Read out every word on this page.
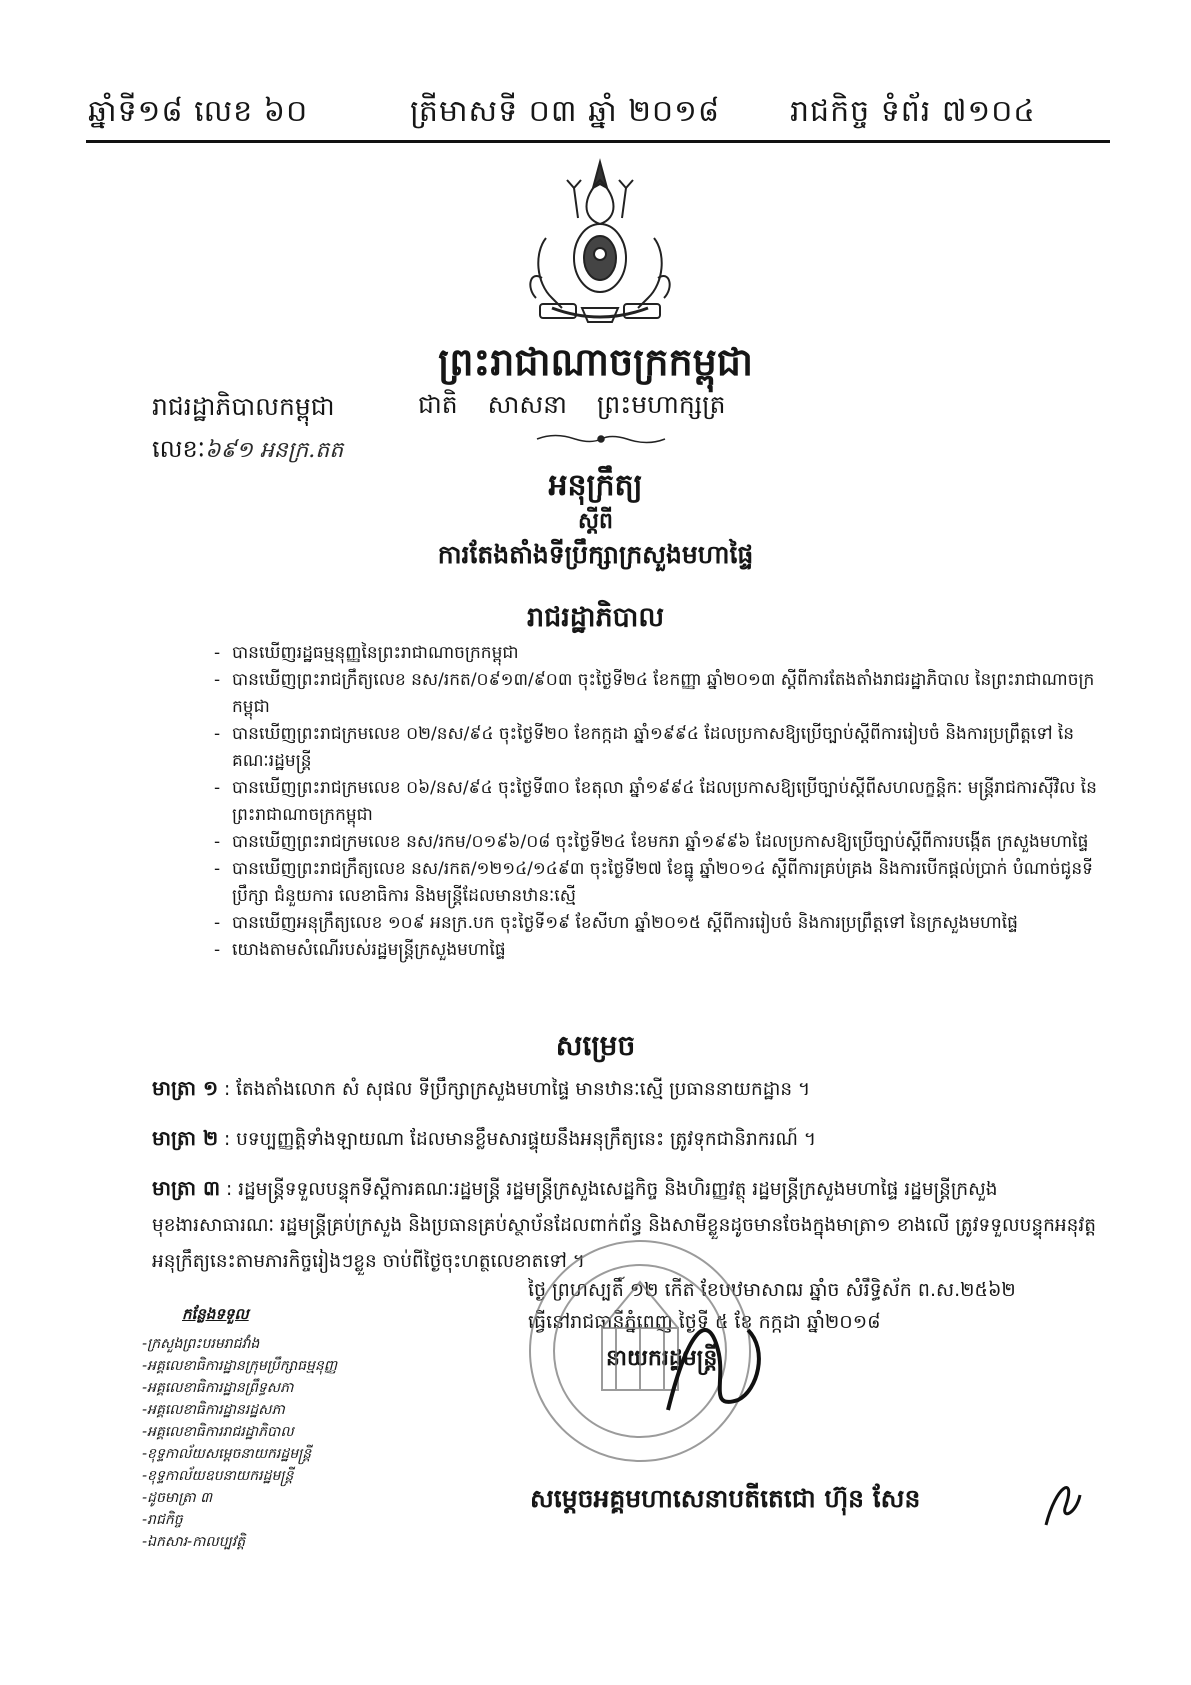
ឆ្នាំទី១៨ លេខ ៦០	ត្រីមាសទី ០៣ ឆ្នាំ ២០១៨ រាជកិច្ច ទំព័រ ៧១០៤
ព្រះរាជាណាចក្រកម្ពុជា
រាជរដ្ឋាភិបាលកម្ពុជា	ជាតិ សាសនា ព្រះមហាក្សត្រ
លេខៈ៦៩១ អនក្រ.តត
អនុក្រឹត្យ
ស្តីពី
ការតែងតាំងទីប្រឹក្សាក្រសួងមហាផ្ទៃ
រាជរដ្ឋាភិបាល
- បានឃើញរដ្ឋធម្មនុញ្ញនៃព្រះរាជាណាចក្រកម្ពុជា
- បានឃើញព្រះរាជក្រឹត្យលេខ នស/រកត/០៩១៣/៩០៣ ចុះថ្ងៃទី២៤ ខែកញ្ញា ឆ្នាំ២០១៣ ស្តីពីការតែងតាំងរាជរដ្ឋាភិបាល នៃព្រះរាជាណាចក្រកម្ពុជា
- បានឃើញព្រះរាជក្រមលេខ ០២/នស/៩៤ ចុះថ្ងៃទី២០ ខែកក្កដា ឆ្នាំ១៩៩៤ ដែលប្រកាសឱ្យប្រើច្បាប់ស្តីពីការរៀបចំ និងការប្រព្រឹត្តទៅ នៃគណៈរដ្ឋមន្ត្រី
- បានឃើញព្រះរាជក្រមលេខ ០៦/នស/៩៤ ចុះថ្ងៃទី៣០ ខែតុលា ឆ្នាំ១៩៩៤ ដែលប្រកាសឱ្យប្រើច្បាប់ស្តីពីសហលក្ខន្តិកៈ មន្ត្រីរាជការស៊ីវិល នៃព្រះរាជាណាចក្រកម្ពុជា
- បានឃើញព្រះរាជក្រមលេខ នស/រកម/០១៩៦/០៨ ចុះថ្ងៃទី២៤ ខែមករា ឆ្នាំ១៩៩៦ ដែលប្រកាសឱ្យប្រើច្បាប់ស្តីពីការបង្កើត ក្រសួងមហាផ្ទៃ
- បានឃើញព្រះរាជក្រឹត្យលេខ នស/រកត/១២១៤/១៤៩៣ ចុះថ្ងៃទី២៧ ខែធ្នូ ឆ្នាំ២០១៤ ស្តីពីការគ្រប់គ្រង និងការបើកផ្តល់ប្រាក់ បំណាច់ជូនទីប្រឹក្សា ជំនួយការ លេខាធិការ និងមន្ត្រីដែលមានឋានៈស្មើ
- បានឃើញអនុក្រឹត្យលេខ ១០៩ អនក្រ.បក ចុះថ្ងៃទី១៩ ខែសីហា ឆ្នាំ២០១៥ ស្តីពីការរៀបចំ និងការប្រព្រឹត្តទៅ នៃក្រសួងមហាផ្ទៃ
- យោងតាមសំណើរបស់រដ្ឋមន្ត្រីក្រសួងមហាផ្ទៃ
សម្រេច
មាត្រា ១ : តែងតាំងលោក សំ សុផល ទីប្រឹក្សាក្រសួងមហាផ្ទៃ មានឋានៈស្មើ ប្រធាននាយកដ្ឋាន ។
មាត្រា ២ : បទប្បញ្ញត្តិទាំងឡាយណា ដែលមានខ្លឹមសារផ្ទុយនឹងអនុក្រឹត្យនេះ ត្រូវទុកជានិរាករណ៍ ។
មាត្រា ៣ : រដ្ឋមន្ត្រីទទួលបន្ទុកទីស្តីការគណៈរដ្ឋមន្ត្រី រដ្ឋមន្ត្រីក្រសួងសេដ្ឋកិច្ច និងហិរញ្ញវត្ថុ រដ្ឋមន្ត្រីក្រសួងមហាផ្ទៃ រដ្ឋមន្ត្រីក្រសួងមុខងារសាធារណៈ រដ្ឋមន្ត្រីគ្រប់ក្រសួង និងប្រធានគ្រប់ស្ថាប័នដែលពាក់ព័ន្ធ និងសាមីខ្លួនដូចមានចែងក្នុងមាត្រា១ ខាងលើ ត្រូវទទួលបន្ទុកអនុវត្តអនុក្រឹត្យនេះតាមភារកិច្ចរៀងៗខ្លួន ចាប់ពីថ្ងៃចុះហត្ថលេខាតទៅ ។
ថ្ងៃ ព្រហស្បតិ៍ ១២ កើត ខែបឋមាសាឍ ឆ្នាំច សំរឹទ្ធិស័ក ព.ស.២៥៦២
ធ្វើនៅរាជធានីភ្នំពេញ ថ្ងៃទី ៥ ខែ កក្កដា ឆ្នាំ២០១៨
នាយករដ្ឋមន្ត្រី
សម្តេចអគ្គមហាសេនាបតីតេជោ ហ៊ុន សែន
កន្លែងទទួល
-ក្រសួងព្រះបរមរាជវាំង
-អគ្គលេខាធិការដ្ឋានក្រុមប្រឹក្សាធម្មនុញ្ញ
-អគ្គលេខាធិការដ្ឋានព្រឹទ្ធសភា
-អគ្គលេខាធិការដ្ឋានរដ្ឋសភា
-អគ្គលេខាធិការរាជរដ្ឋាភិបាល
-ខុទ្ទកាល័យសម្តេចនាយករដ្ឋមន្ត្រី
-ខុទ្ទកាល័យឧបនាយករដ្ឋមន្ត្រី
-ដូចមាត្រា ៣
-រាជកិច្ច
-ឯកសារ-កាលប្បវត្តិ
